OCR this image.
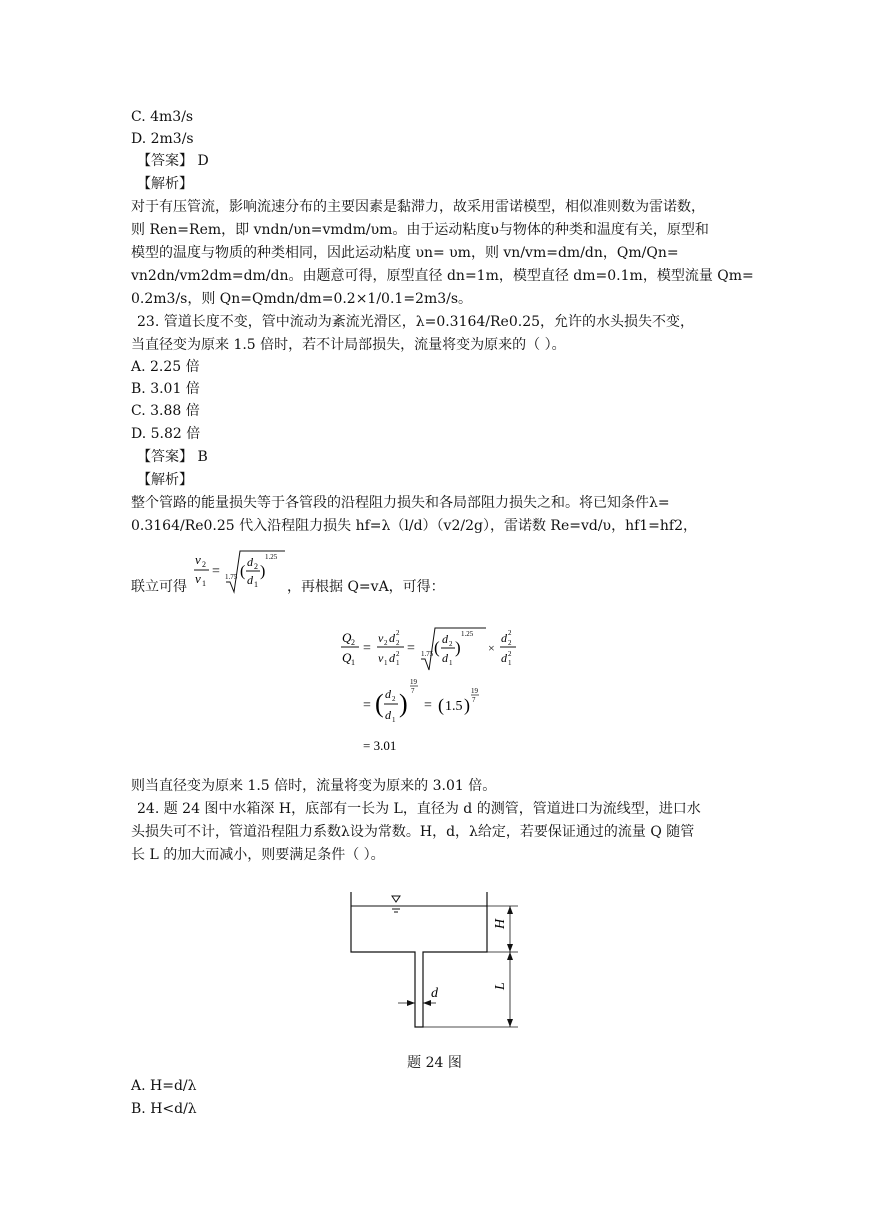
C. 4m3/s
D. 2m3/s
【答案】 D
【解析】
对于有压管流，影响流速分布的主要因素是黏滞力，故采用雷诺模型，相似准则数为雷诺数，
则 Ren=Rem，即 vndn/υn=vmdm/υm。由于运动粘度υ与物体的种类和温度有关，原型和
模型的温度与物质的种类相同，因此运动粘度 υn= υm，则 vn/vm=dm/dn，Qm/Qn=
vn2dn/vm2dm=dm/dn。由题意可得，原型直径 dn=1m，模型直径 dm=0.1m，模型流量 Qm=
0.2m3/s，则 Qn=Qmdn/dm=0.2×1/0.1=2m3/s。
23. 管道长度不变，管中流动为紊流光滑区，λ=0.3164/Re0.25，允许的水头损失不变，
当直径变为原来 1.5 倍时，若不计局部损失，流量将变为原来的（ ）。
A. 2.25 倍
B. 3.01 倍
C. 3.88 倍
D. 5.82 倍
【答案】 B
【解析】
整个管路的能量损失等于各管段的沿程阻力损失和各局部阻力损失之和。将已知条件λ=
0.3164/Re0.25 代入沿程阻力损失 hf=λ（l/d）（v2/2g），雷诺数 Re=vd/υ，hf1=hf2，
联立可得
v 2
v 1
= 1.75 (
d 2
d 1
)
1.25
，再根据 Q=vA，可得：
Q 2
Q 1
=
v 2 d 2
2
v 1 d 1
2 = 1.75 ( d 2
d 1
)
1.25
×
d 2
2
d 1
2
= ( d 2
d 1
)
19
7
= ( 1.5 )
19
7
= 3.01
则当直径变为原来 1.5 倍时，流量将变为原来的 3.01 倍。
24. 题 24 图中水箱深 H，底部有一长为 L，直径为 d 的测管，管道进口为流线型，进口水
头损失可不计，管道沿程阻力系数λ设为常数。H，d，λ给定，若要保证通过的流量 Q 随管
长 L 的加大而减小，则要满足条件（ ）。
H
L
d
题 24 图
A. H=d/λ
B. H<d/λ
